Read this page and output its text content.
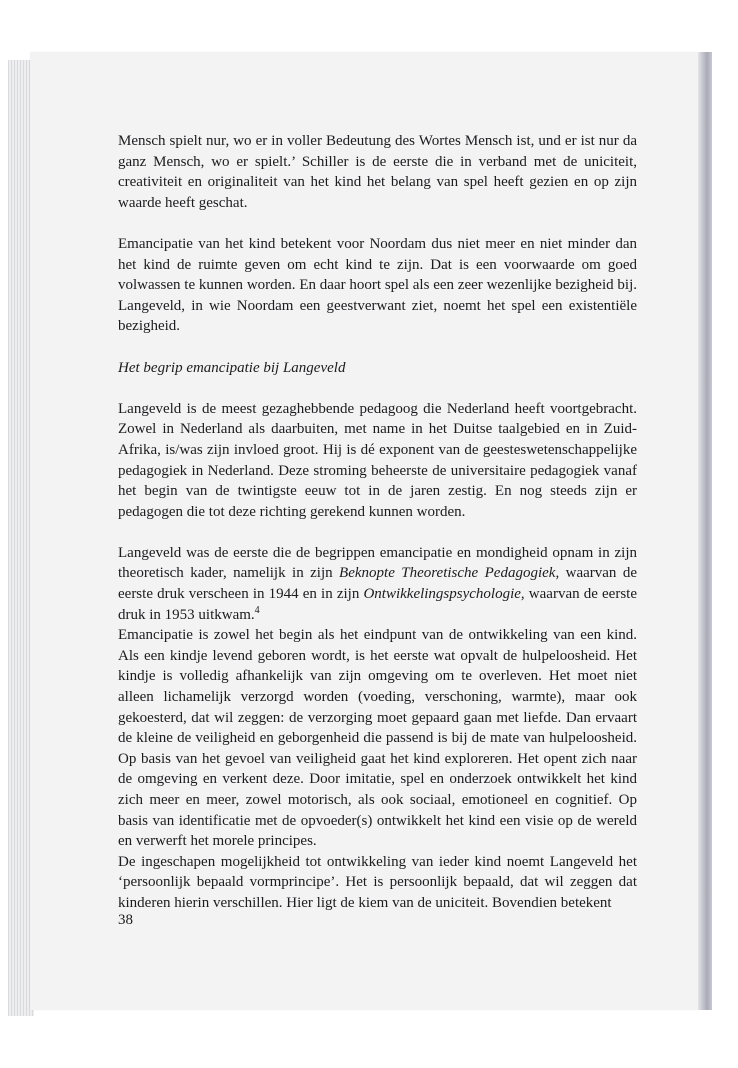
Mensch spielt nur, wo er in voller Bedeutung des Wortes Mensch ist, und er ist nur da ganz Mensch, wo er spielt.’ Schiller is de eerste die in verband met de uniciteit, creativiteit en originaliteit van het kind het belang van spel heeft gezien en op zijn waarde heeft geschat.

Emancipatie van het kind betekent voor Noordam dus niet meer en niet minder dan het kind de ruimte geven om echt kind te zijn. Dat is een voorwaarde om goed volwassen te kunnen worden. En daar hoort spel als een zeer wezenlijke bezigheid bij. Langeveld, in wie Noordam een geestverwant ziet, noemt het spel een existentiële bezigheid.

Het begrip emancipatie bij Langeveld

Langeveld is de meest gezaghebbende pedagoog die Nederland heeft voortgebracht. Zowel in Nederland als daarbuiten, met name in het Duitse taalgebied en in Zuid-Afrika, is/was zijn invloed groot. Hij is dé exponent van de geesteswetenschappelijke pedagogiek in Nederland. Deze stroming beheerste de universitaire pedagogiek vanaf het begin van de twintigste eeuw tot in de jaren zestig. En nog steeds zijn er pedagogen die tot deze richting gerekend kunnen worden.

Langeveld was de eerste die de begrippen emancipatie en mondigheid opnam in zijn theoretisch kader, namelijk in zijn Beknopte Theoretische Pedagogiek, waarvan de eerste druk verscheen in 1944 en in zijn Ontwikkelingspsychologie, waarvan de eerste druk in 1953 uitkwam.$^4$

Emancipatie is zowel het begin als het eindpunt van de ontwikkeling van een kind. Als een kindje levend geboren wordt, is het eerste wat opvalt de hulpeloosheid. Het kindje is volledig afhankelijk van zijn omgeving om te overleven. Het moet niet alleen lichamelijk verzorgd worden (voeding, verschoning, warmte), maar ook gekoesterd, dat wil zeggen: de verzorging moet gepaard gaan met liefde. Dan ervaart de kleine de veiligheid en geborgenheid die passend is bij de mate van hulpeloosheid. Op basis van het gevoel van veiligheid gaat het kind exploreren. Het opent zich naar de omgeving en verkent deze. Door imitatie, spel en onderzoek ontwikkelt het kind zich meer en meer, zowel motorisch, als ook sociaal, emotioneel en cognitief. Op basis van identificatie met de opvoeder(s) ontwikkelt het kind een visie op de wereld en verwerft het morele principes.

De ingeschapen mogelijkheid tot ontwikkeling van ieder kind noemt Langeveld het ‘persoonlijk bepaald vormprincipe’. Het is persoonlijk bepaald, dat wil zeggen dat kinderen hierin verschillen. Hier ligt de kiem van de uniciteit. Bovendien betekent

38
